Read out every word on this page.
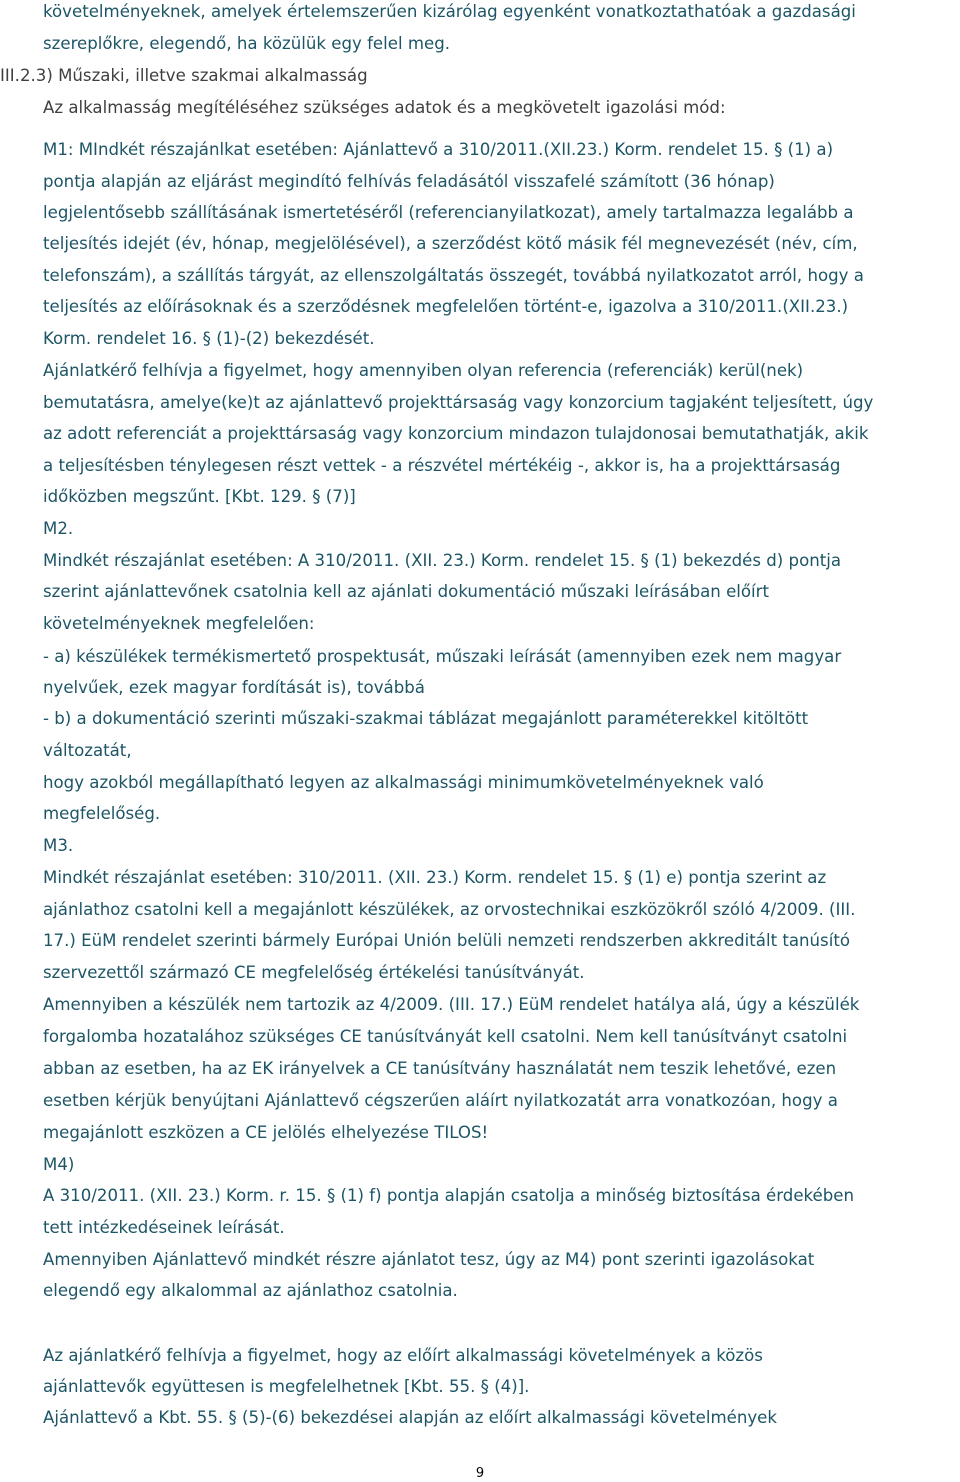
követelményeknek, amelyek értelemszerűen kizárólag egyenként vonatkoztathatóak a gazdasági
szereplőkre, elegendő, ha közülük egy felel meg.
III.2.3) Műszaki, illetve szakmai alkalmasság
Az alkalmasság megítéléséhez szükséges adatok és a megkövetelt igazolási mód:
M1: MIndkét részajánlkat esetében: Ajánlattevő a 310/2011.(XII.23.) Korm. rendelet 15. § (1) a)
pontja alapján az eljárást megindító felhívás feladásától visszafelé számított (36 hónap)
legjelentősebb szállításának ismertetéséről (referencianyilatkozat), amely tartalmazza legalább a
teljesítés idejét (év, hónap, megjelölésével), a szerződést kötő másik fél megnevezését (név, cím,
telefonszám), a szállítás tárgyát, az ellenszolgáltatás összegét, továbbá nyilatkozatot arról, hogy a
teljesítés az előírásoknak és a szerződésnek megfelelően történt-e, igazolva a 310/2011.(XII.23.)
Korm. rendelet 16. § (1)-(2) bekezdését.
Ajánlatkérő felhívja a figyelmet, hogy amennyiben olyan referencia (referenciák) kerül(nek)
bemutatásra, amelye(ke)t az ajánlattevő projekttársaság vagy konzorcium tagjaként teljesített, úgy
az adott referenciát a projekttársaság vagy konzorcium mindazon tulajdonosai bemutathatják, akik
a teljesítésben ténylegesen részt vettek - a részvétel mértékéig -, akkor is, ha a projekttársaság
időközben megszűnt. [Kbt. 129. § (7)]
M2.
Mindkét részajánlat esetében: A 310/2011. (XII. 23.) Korm. rendelet 15. § (1) bekezdés d) pontja
szerint ajánlattevőnek csatolnia kell az ajánlati dokumentáció műszaki leírásában előírt
követelményeknek megfelelően:
- a) készülékek termékismertető prospektusát, műszaki leírását (amennyiben ezek nem magyar
nyelvűek, ezek magyar fordítását is), továbbá
- b) a dokumentáció szerinti műszaki-szakmai táblázat megajánlott paraméterekkel kitöltött
változatát,
hogy azokból megállapítható legyen az alkalmassági minimumkövetelményeknek való
megfelelőség.
M3.
Mindkét részajánlat esetében: 310/2011. (XII. 23.) Korm. rendelet 15. § (1) e) pontja szerint az
ajánlathoz csatolni kell a megajánlott készülékek, az orvostechnikai eszközökről szóló 4/2009. (III.
17.) EüM rendelet szerinti bármely Európai Unión belüli nemzeti rendszerben akkreditált tanúsító
szervezettől származó CE megfelelőség értékelési tanúsítványát.
Amennyiben a készülék nem tartozik az 4/2009. (III. 17.) EüM rendelet hatálya alá, úgy a készülék
forgalomba hozatalához szükséges CE tanúsítványát kell csatolni. Nem kell tanúsítványt csatolni
abban az esetben, ha az EK irányelvek a CE tanúsítvány használatát nem teszik lehetővé, ezen
esetben kérjük benyújtani Ajánlattevő cégszerűen aláírt nyilatkozatát arra vonatkozóan, hogy a
megajánlott eszközen a CE jelölés elhelyezése TILOS!
M4)
A 310/2011. (XII. 23.) Korm. r. 15. § (1) f) pontja alapján csatolja a minőség biztosítása érdekében
tett intézkedéseinek leírását.
Amennyiben Ajánlattevő mindkét részre ajánlatot tesz, úgy az M4) pont szerinti igazolásokat
elegendő egy alkalommal az ajánlathoz csatolnia.
Az ajánlatkérő felhívja a figyelmet, hogy az előírt alkalmassági követelmények a közös
ajánlattevők együttesen is megfelelhetnek [Kbt. 55. § (4)].
Ajánlattevő a Kbt. 55. § (5)-(6) bekezdései alapján az előírt alkalmassági követelmények
9
